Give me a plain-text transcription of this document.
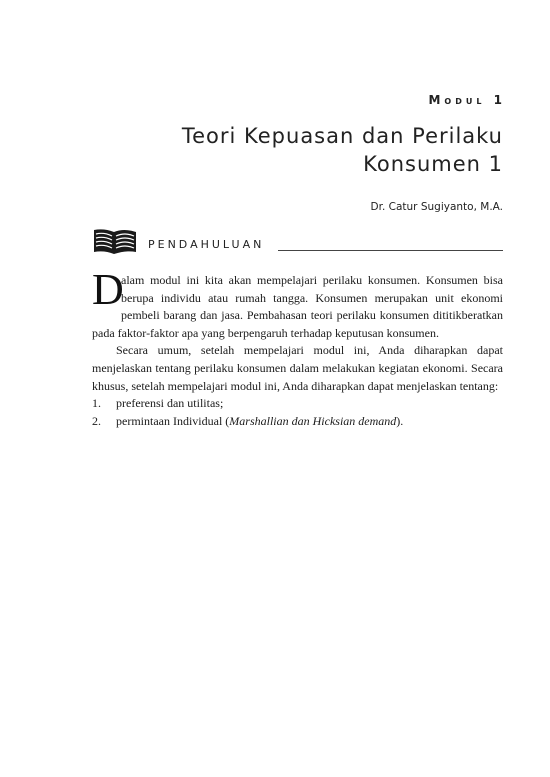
Modul 1
Teori Kepuasan dan Perilaku
Konsumen 1
Dr. Catur Sugiyanto, M.A.
PENDAHULUAN

D
alam modul ini kita akan mempelajari perilaku konsumen. Konsumen bisa berupa individu atau rumah tangga. Konsumen merupakan unit ekonomi pembeli barang dan jasa. Pembahasan teori perilaku konsumen dititikberatkan pada faktor-faktor apa yang berpengaruh terhadap keputusan konsumen.

Secara umum, setelah mempelajari modul ini, Anda diharapkan dapat menjelaskan tentang perilaku konsumen dalam melakukan kegiatan ekonomi. Secara khusus, setelah mempelajari modul ini, Anda diharapkan dapat menjelaskan tentang:

1. preferensi dan utilitas;
2. permintaan Individual (Marshallian dan Hicksian demand).
